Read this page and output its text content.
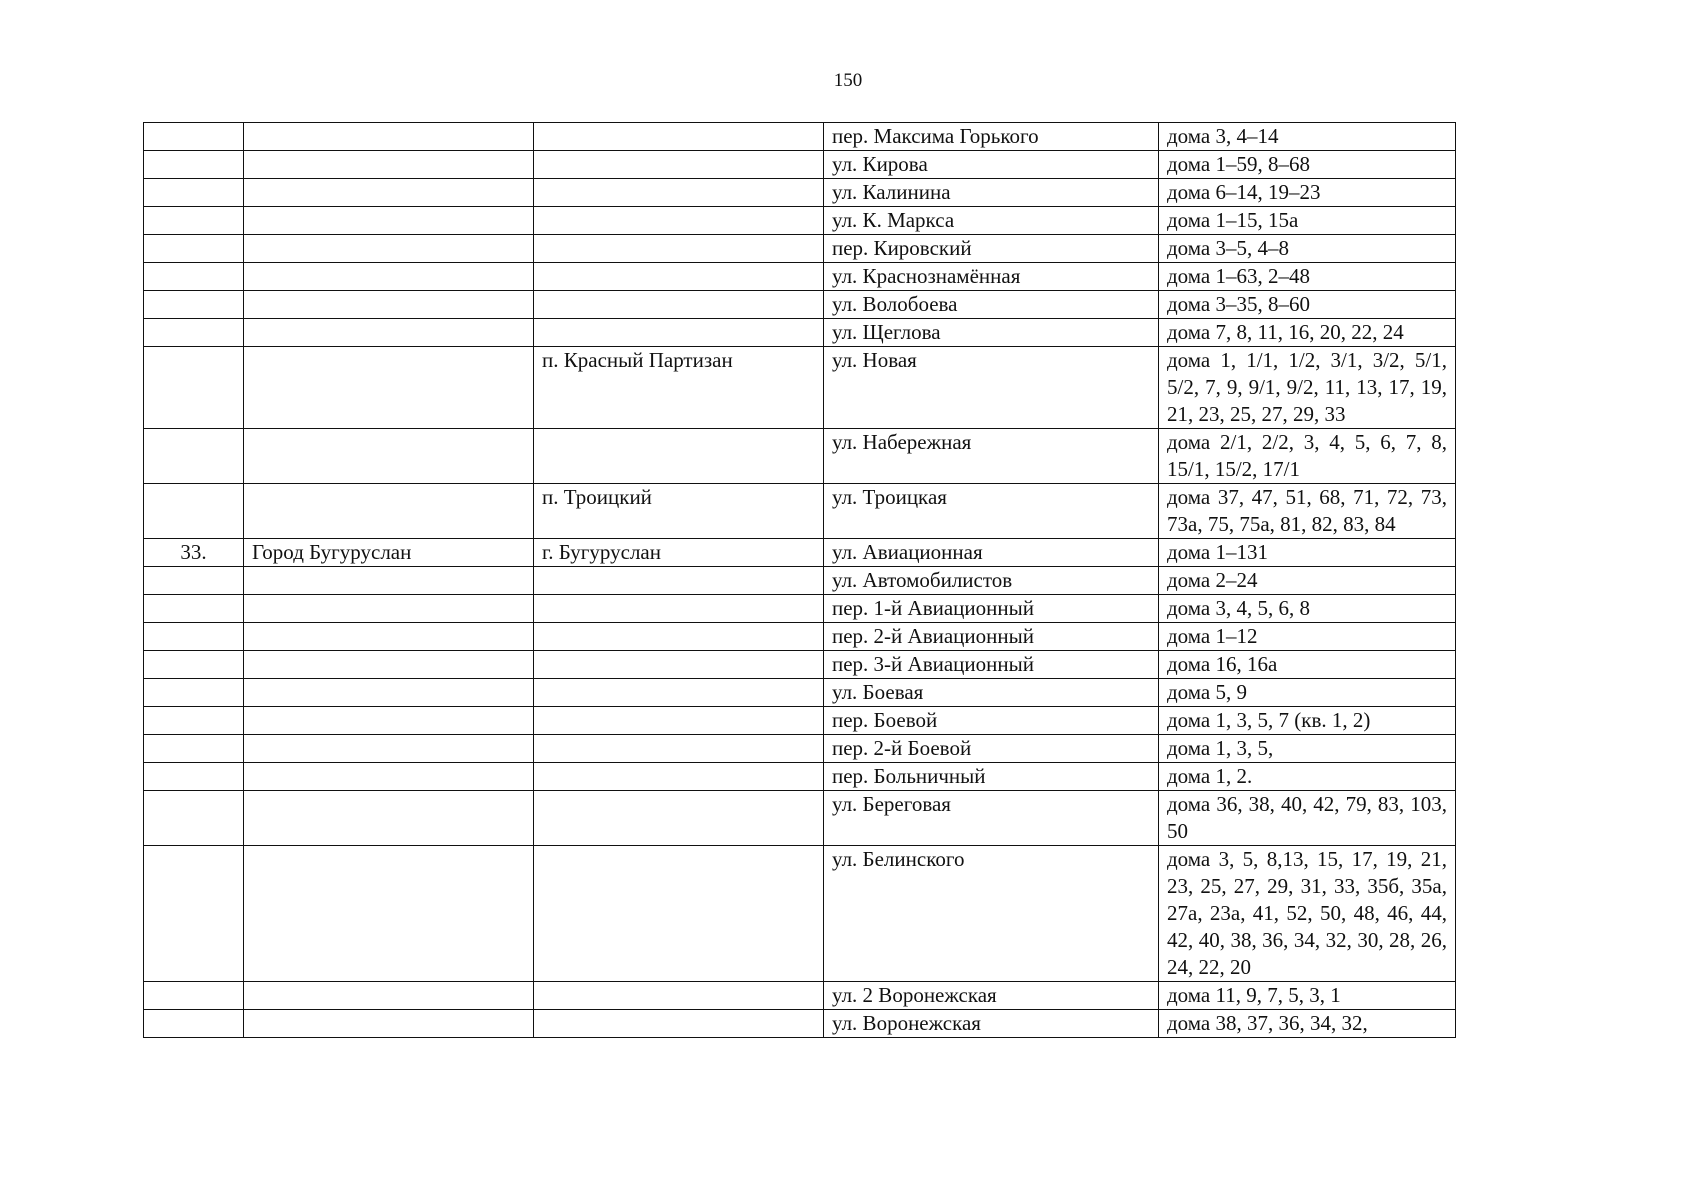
150
			пер. Максима Горького	дома 3, 4–14
			ул. Кирова	дома 1–59, 8–68
			ул. Калинина	дома 6–14, 19–23
			ул. К. Маркса	дома 1–15, 15а
			пер. Кировский	дома 3–5, 4–8
			ул. Краснознамённая	дома 1–63, 2–48
			ул. Волобоева	дома 3–35, 8–60
			ул. Щеглова	дома 7, 8, 11, 16, 20, 22, 24
		п. Красный Партизан	ул. Новая	дома 1, 1/1, 1/2, 3/1, 3/2, 5/1, 5/2, 7, 9, 9/1, 9/2, 11, 13, 17, 19, 21, 23, 25, 27, 29, 33
			ул. Набережная	дома 2/1, 2/2, 3, 4, 5, 6, 7, 8, 15/1, 15/2, 17/1
		п. Троицкий	ул. Троицкая	дома 37, 47, 51, 68, 71, 72, 73, 73а, 75, 75а, 81, 82, 83, 84
33.	Город Бугуруслан	г. Бугуруслан	ул. Авиационная	дома 1–131
			ул. Автомобилистов	дома 2–24
			пер. 1-й Авиационный	дома 3, 4, 5, 6, 8
			пер. 2-й Авиационный	дома 1–12
			пер. 3-й Авиационный	дома 16, 16а
			ул. Боевая	дома 5, 9
			пер. Боевой	дома 1, 3, 5, 7 (кв. 1, 2)
			пер. 2-й Боевой	дома 1, 3, 5,
			пер. Больничный	дома 1, 2.
			ул. Береговая	дома 36, 38, 40, 42, 79, 83, 103, 50
			ул. Белинского	дома 3, 5, 8,13, 15, 17, 19, 21, 23, 25, 27, 29, 31, 33, 35б, 35а, 27а, 23а, 41, 52, 50, 48, 46, 44, 42, 40, 38, 36, 34, 32, 30, 28, 26, 24, 22, 20
			ул. 2 Воронежская	дома 11, 9, 7, 5, 3, 1
			ул. Воронежская	дома 38, 37, 36, 34, 32,
